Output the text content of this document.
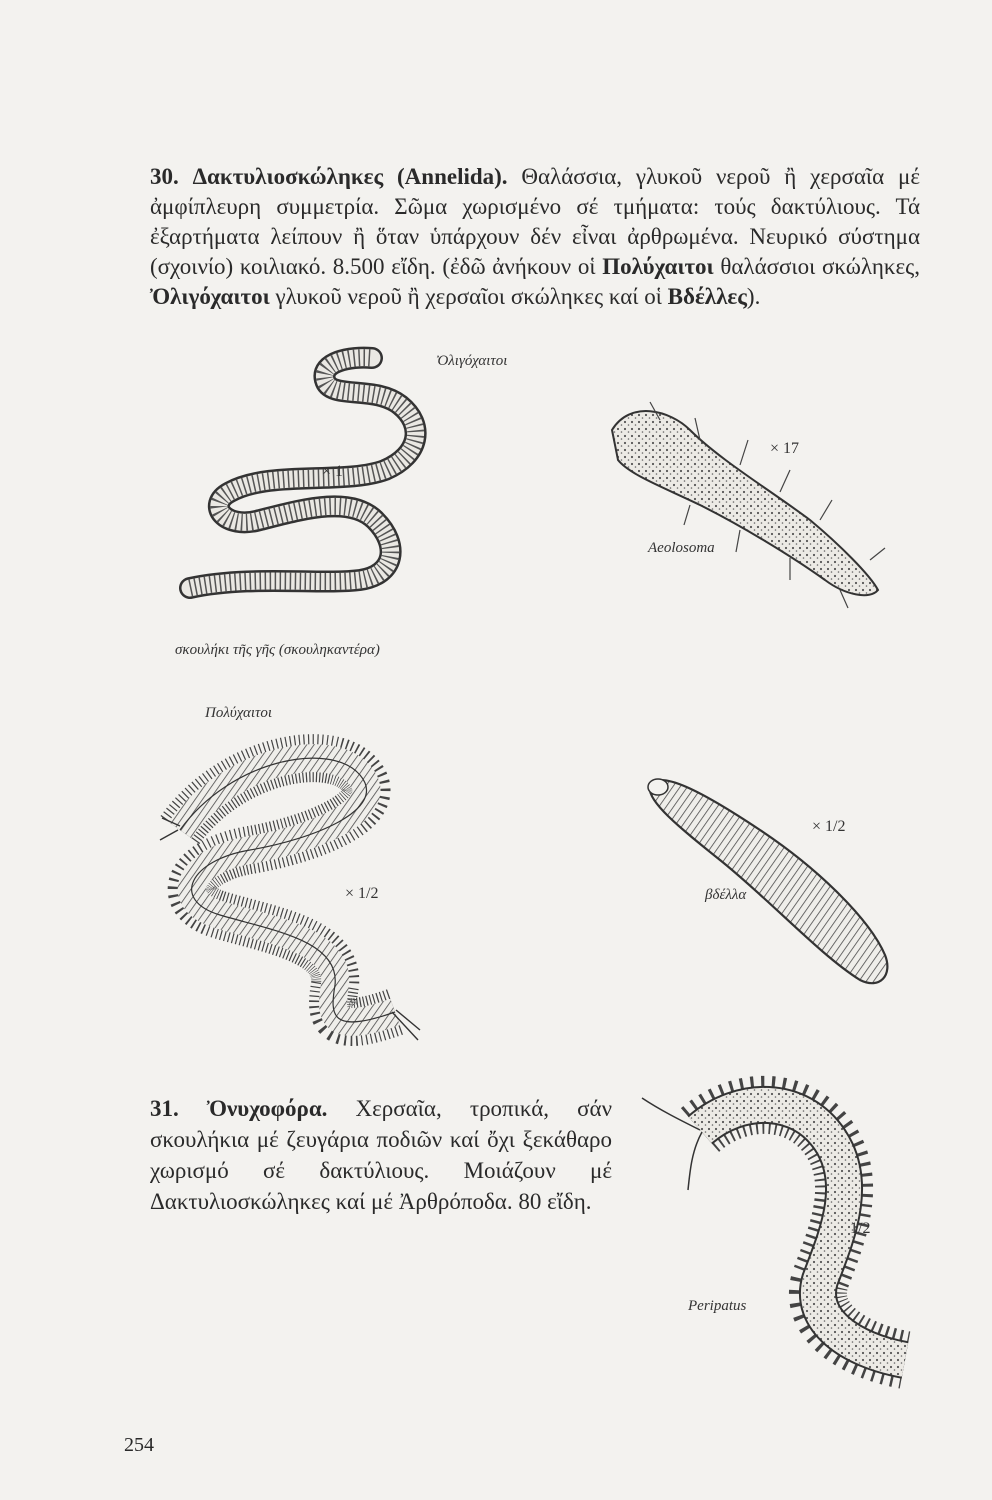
30. Δακτυλιοσκώληκες (Annelida). Θαλάσσια, γλυκοῦ νεροῦ ἢ χερσαῖα μέ ἀμφίπλευρη συμμετρία. Σῶμα χωρισμένο σέ τμήματα: τούς δακτύλιους. Τά ἐξαρτήματα λείπουν ἢ ὅταν ὑπάρχουν δέν εἶναι ἀρθρωμένα. Νευρικό σύστημα (σχοινίο) κοιλιακό. 8.500 εἴδη. (ἐδῶ ἀνήκουν οἱ Πολύχαιτοι θαλάσσιοι σκώληκες, Ὀλιγόχαιτοι γλυκοῦ νεροῦ ἢ χερσαῖοι σκώληκες καί οἱ Βδέλλες).
Ὀλιγόχαιτοι
× 1
× 17
Aeolosoma
σκουλήκι τῆς γῆς (σκουληκαντέρα)
Πολύχαιτοι
× 1/2
× 1/2
βδέλλα
31. Ὀνυχοφόρα. Χερσαῖα, τροπικά, σάν σκουλήκια μέ ζευγάρια ποδιῶν καί ὄχι ξεκάθαρο χωρισμό σέ δακτύλιους. Μοιάζουν μέ Δακτυλιοσκώληκες καί μέ Ἀρθρόποδα. 80 εἴδη.
1/2
Peripatus
254
